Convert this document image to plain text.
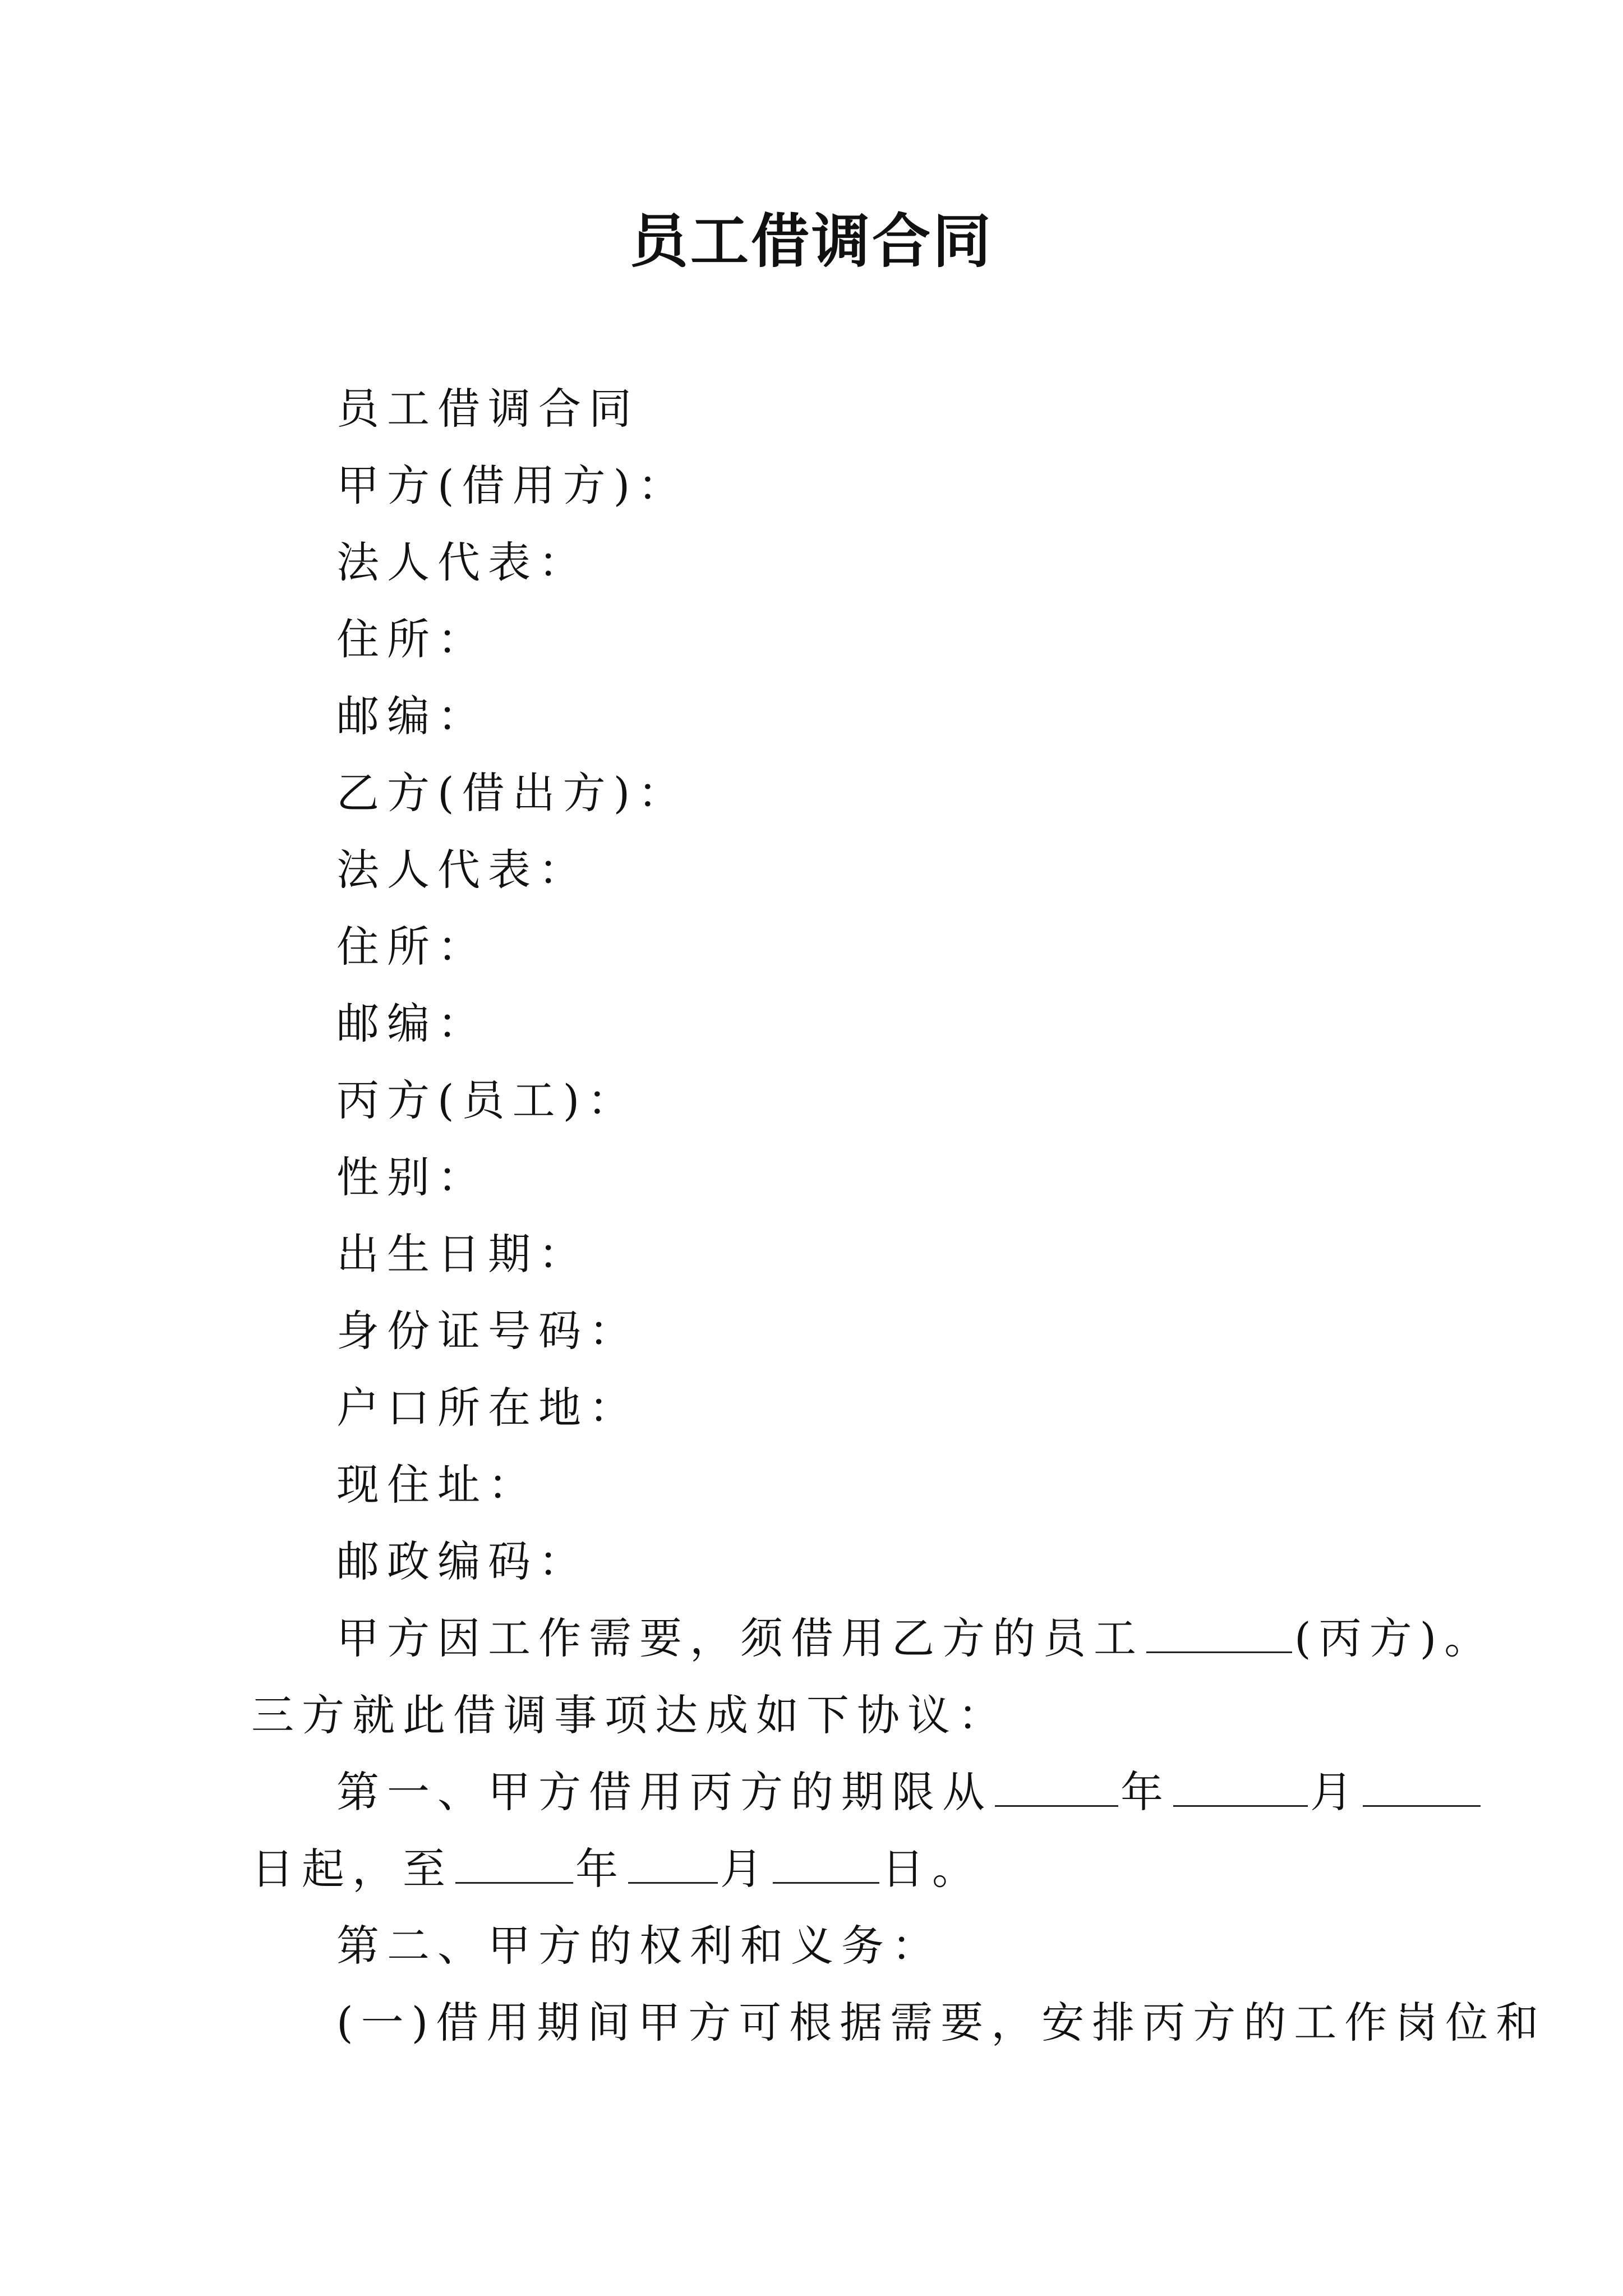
员工借调合同
员工借调合同
甲方(借用方)：
法人代表：
住所：
邮编：
乙方(借出方)：
法人代表：
住所：
邮编：
丙方(员工)：
性别：
出生日期：
身份证号码：
户口所在地：
现住址：
邮政编码：
甲方因工作需要，须借用乙方的员工	(丙方)。
三方就此借调事项达成如下协议：
第一、甲方借用丙方的期限从	年	月
日起，至	年 月	日。
第二、甲方的权利和义务：
(一)借用期间甲方可根据需要，安排丙方的工作岗位和
